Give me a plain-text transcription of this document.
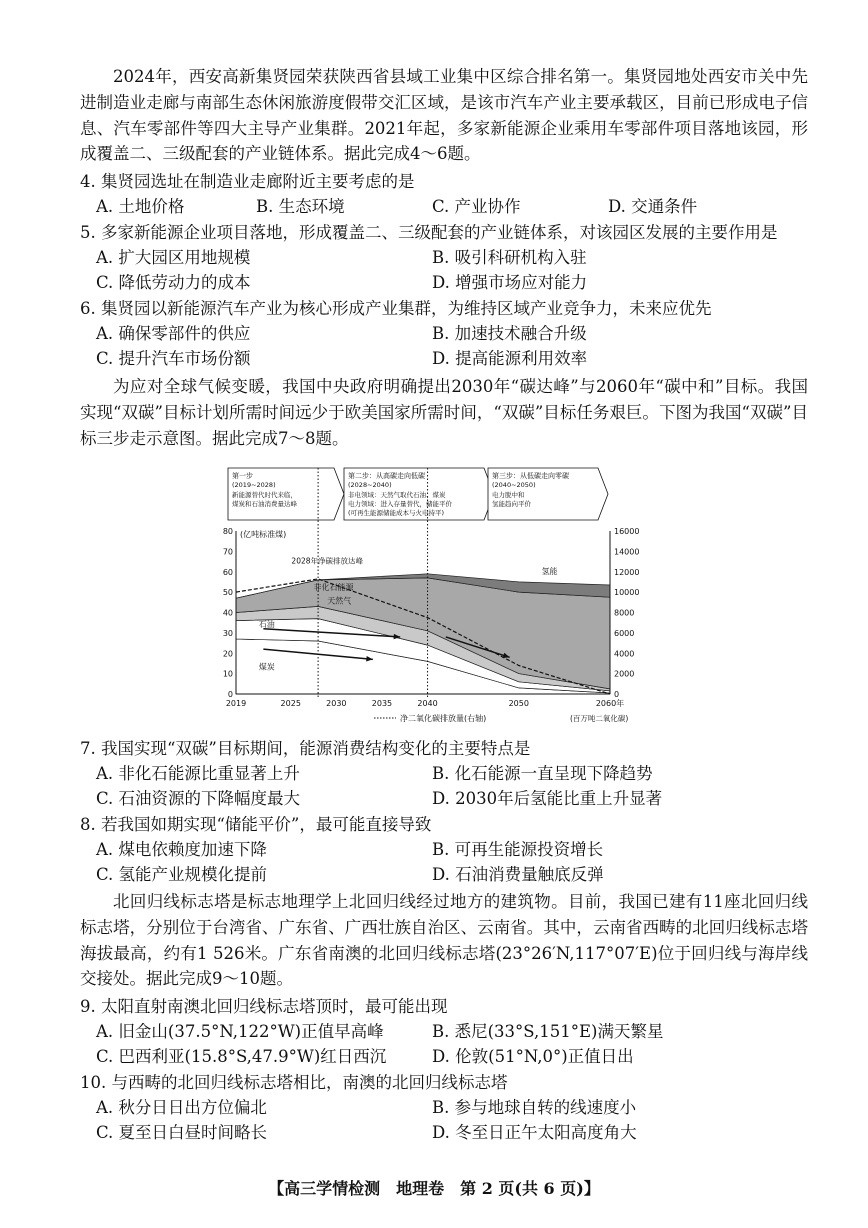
2024年，西安高新集贤园荣获陕西省县域工业集中区综合排名第一。集贤园地处西安市关中先进制造业走廊与南部生态休闲旅游度假带交汇区域，是该市汽车产业主要承载区，目前已形成电子信息、汽车零部件等四大主导产业集群。2021年起，多家新能源企业乘用车零部件项目落地该园，形成覆盖二、三级配套的产业链体系。据此完成4～6题。
4. 集贤园选址在制造业走廊附近主要考虑的是
A. 土地价格	B. 生态环境	C. 产业协作	D. 交通条件
5. 多家新能源企业项目落地，形成覆盖二、三级配套的产业链体系，对该园区发展的主要作用是
A. 扩大园区用地规模	B. 吸引科研机构入驻
C. 降低劳动力的成本	D. 增强市场应对能力
6. 集贤园以新能源汽车产业为核心形成产业集群，为维持区域产业竞争力，未来应优先
A. 确保零部件的供应	B. 加速技术融合升级
C. 提升汽车市场份额	D. 提高能源利用效率
为应对全球气候变暖，我国中央政府明确提出2030年“碳达峰”与2060年“碳中和”目标。我国实现“双碳”目标计划所需时间远少于欧美国家所需时间，“双碳”目标任务艰巨。下图为我国“双碳”目标三步走示意图。据此完成7～8题。
第一步
(2019~2028)
新能源替代时代来临，
煤炭和石油消费量达峰
第二步：从高碳走向低碳
(2028~2040)
非电领域：天然气取代石油、煤炭
电力领域：进入存量替代，储能平价
(可再生能源储能成本与火电持平)
第三步：从低碳走向零碳
(2040~2050)
电力脱中和
氢能趋向平价
煤炭
石油
天然气
非化石能源
氢能
2028年净碳排放达峰
0
10
20
30
40
50
60
70
80
0
2000
4000
6000
8000
10000
12000
14000
16000
2019	2025	2030	2035	2040	2050	2060年
(亿吨标准煤)
净二氧化碳排放量(右轴)	(百万吨二氧化碳)
7. 我国实现“双碳”目标期间，能源消费结构变化的主要特点是
A. 非化石能源比重显著上升	B. 化石能源一直呈现下降趋势
C. 石油资源的下降幅度最大	D. 2030年后氢能比重上升显著
8. 若我国如期实现“储能平价”，最可能直接导致
A. 煤电依赖度加速下降	B. 可再生能源投资增长
C. 氢能产业规模化提前	D. 石油消费量触底反弹
北回归线标志塔是标志地理学上北回归线经过地方的建筑物。目前，我国已建有11座北回归线标志塔，分别位于台湾省、广东省、广西壮族自治区、云南省。其中，云南省西畴的北回归线标志塔海拔最高，约有1 526米。广东省南澳的北回归线标志塔(23°26′N,117°07′E)位于回归线与海岸线交接处。据此完成9～10题。
9. 太阳直射南澳北回归线标志塔顶时，最可能出现
A. 旧金山(37.5°N,122°W)正值早高峰	B. 悉尼(33°S,151°E)满天繁星
C. 巴西利亚(15.8°S,47.9°W)红日西沉	D. 伦敦(51°N,0°)正值日出
10. 与西畴的北回归线标志塔相比，南澳的北回归线标志塔
A. 秋分日日出方位偏北	B. 参与地球自转的线速度小
C. 夏至日白昼时间略长	D. 冬至日正午太阳高度角大
【高三学情检测　地理卷　第 2 页(共 6 页)】
